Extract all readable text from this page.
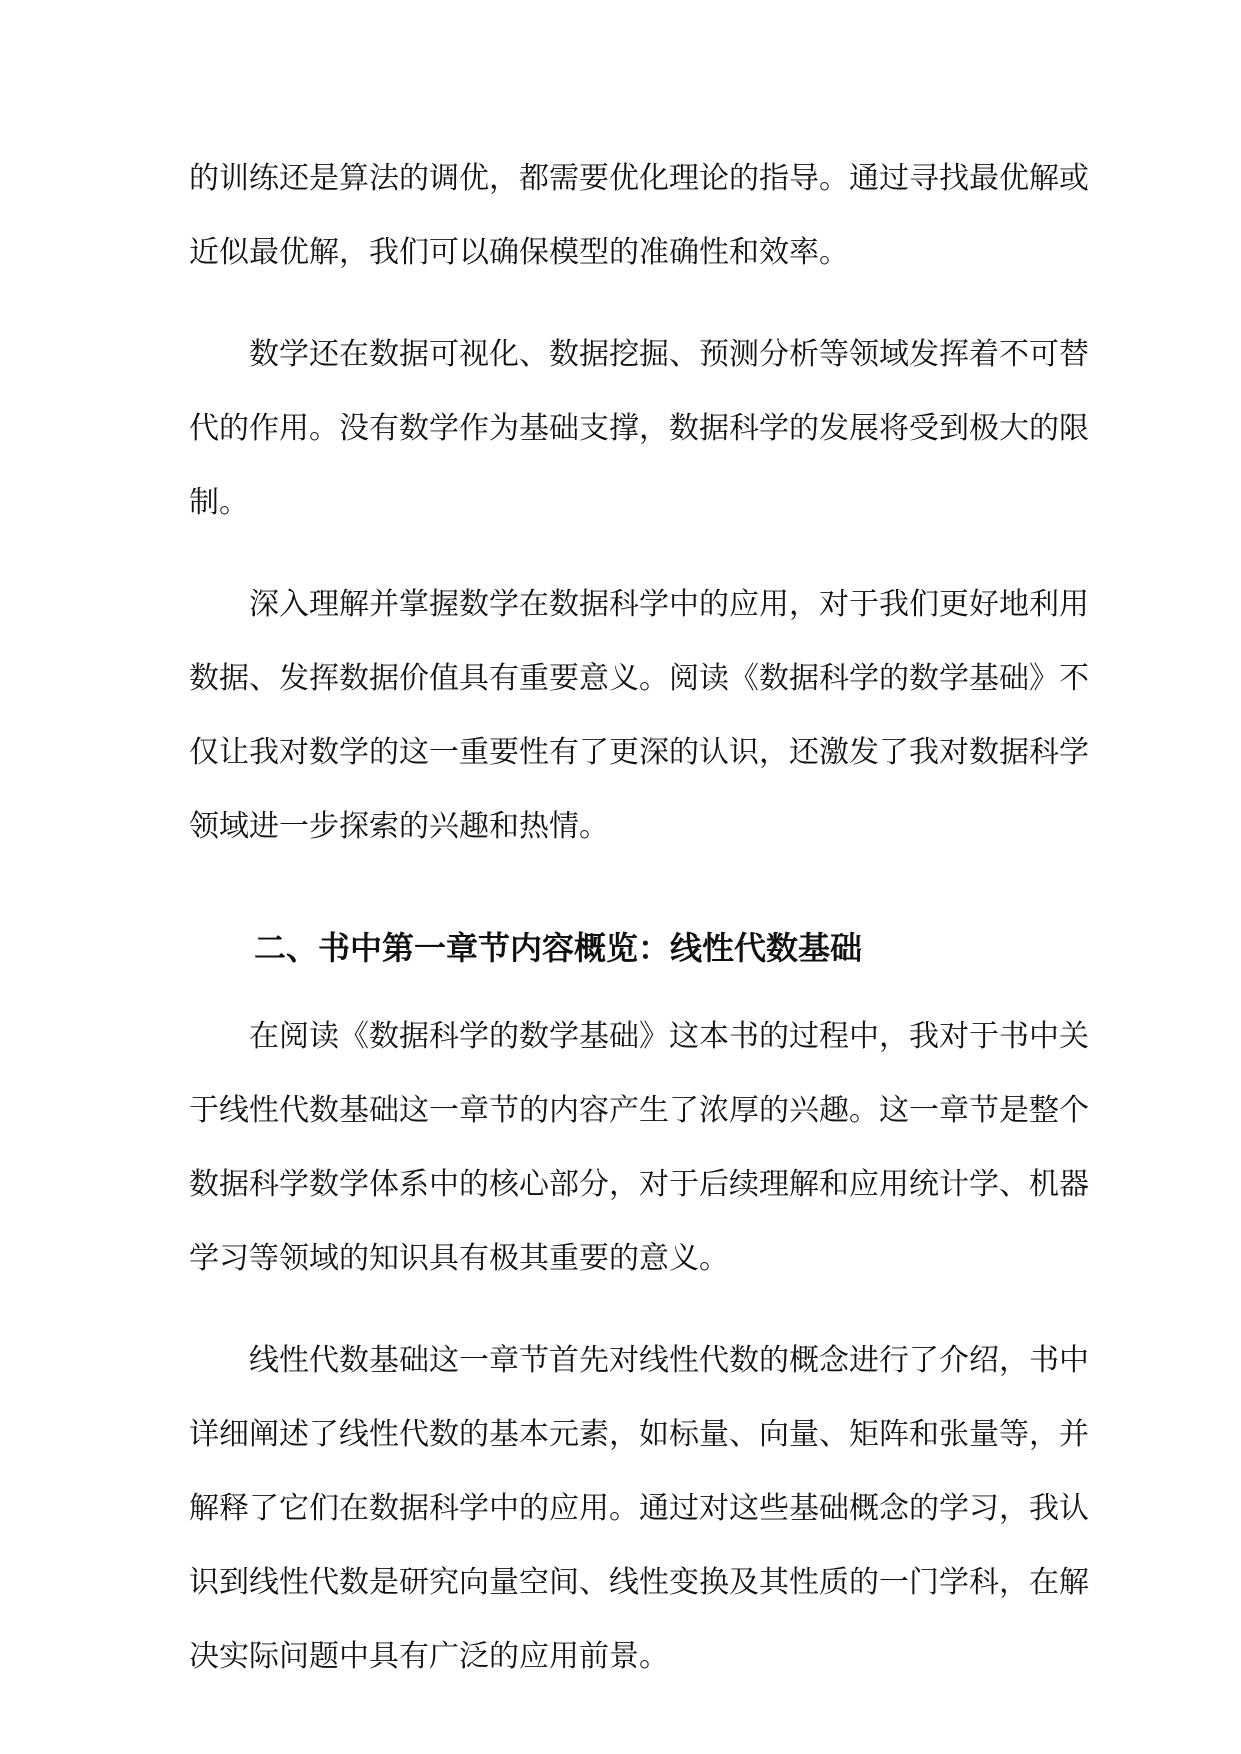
的训练还是算法的调优，都需要优化理论的指导。通过寻找最优解或
近似最优解，我们可以确保模型的准确性和效率。
数学还在数据可视化、数据挖掘、预测分析等领域发挥着不可替
代的作用。没有数学作为基础支撑，数据科学的发展将受到极大的限
制。
深入理解并掌握数学在数据科学中的应用，对于我们更好地利用
数据、发挥数据价值具有重要意义。阅读《数据科学的数学基础》不
仅让我对数学的这一重要性有了更深的认识，还激发了我对数据科学
领域进一步探索的兴趣和热情。
二、书中第一章节内容概览：线性代数基础
在阅读《数据科学的数学基础》这本书的过程中，我对于书中关
于线性代数基础这一章节的内容产生了浓厚的兴趣。这一章节是整个
数据科学数学体系中的核心部分，对于后续理解和应用统计学、机器
学习等领域的知识具有极其重要的意义。
线性代数基础这一章节首先对线性代数的概念进行了介绍，书中
详细阐述了线性代数的基本元素，如标量、向量、矩阵和张量等，并
解释了它们在数据科学中的应用。通过对这些基础概念的学习，我认
识到线性代数是研究向量空间、线性变换及其性质的一门学科，在解
决实际问题中具有广泛的应用前景。
